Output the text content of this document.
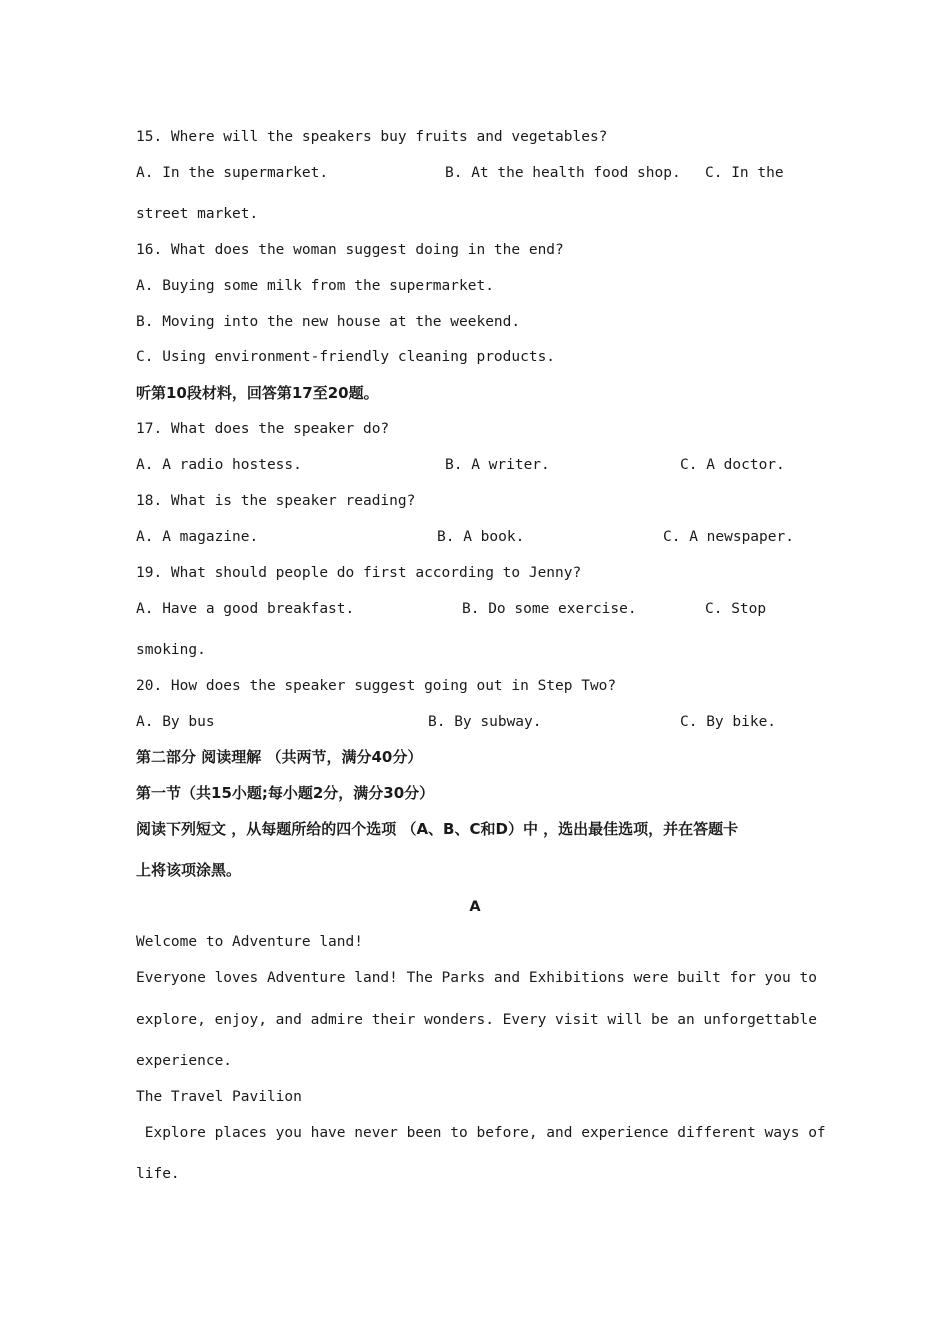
15. Where will the speakers buy fruits and vegetables?
A. In the supermarket.	B. At the health food shop. C. In the
street market.
16. What does the woman suggest doing in the end?
A. Buying some milk from the supermarket.
B. Moving into the new house at the weekend.
C. Using environment-friendly cleaning products.
听第10段材料，回答第17至20题。
17. What does the speaker do?
A. A radio hostess.	B. A writer.	C. A doctor.
18. What is the speaker reading?
A. A magazine.	B. A book.	C. A newspaper.
19. What should people do first according to Jenny?
A. Have a good breakfast.	B. Do some exercise.	C. Stop
smoking.
20. How does the speaker suggest going out in Step Two?
A. By bus	B. By subway.	C. By bike.
第二部分 阅读理解 （共两节，满分40分）
第一节（共15小题;每小题2分，满分30分）
阅读下列短文 ，从每题所给的四个选项 （A、B、C和D）中 ，选出最佳选项，并在答题卡
上将该项涂黑。
A
Welcome to Adventure land!
Everyone loves Adventure land! The Parks and Exhibitions were built for you to
explore, enjoy, and admire their wonders. Every visit will be an unforgettable
experience.
The Travel Pavilion
Explore places you have never been to before, and experience different ways of
life.
